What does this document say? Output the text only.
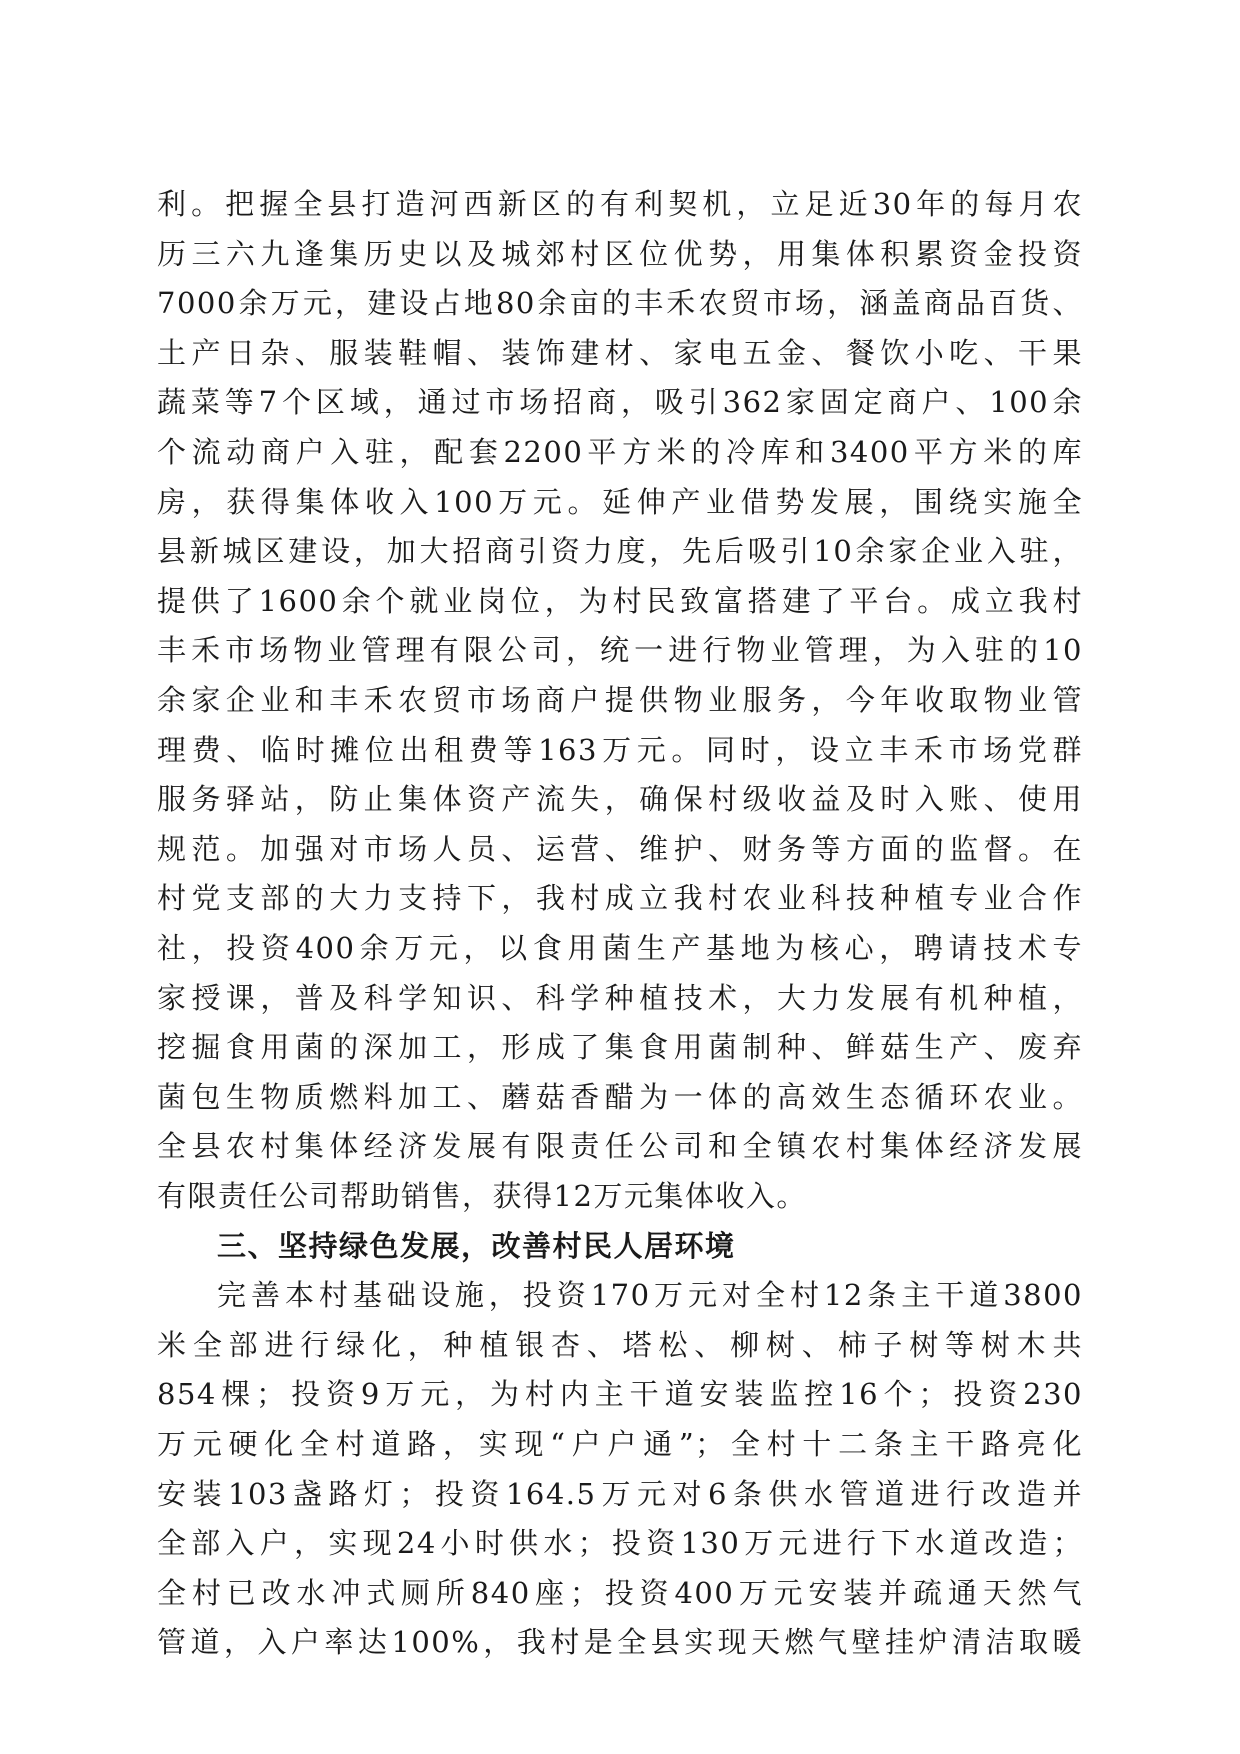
利。把握全县打造河西新区的有利契机，立足近30年的每月农
历三六九逢集历史以及城郊村区位优势，用集体积累资金投资
7000余万元，建设占地80余亩的丰禾农贸市场，涵盖商品百货、
土产日杂、服装鞋帽、装饰建材、家电五金、餐饮小吃、干果
蔬菜等7个区域，通过市场招商，吸引362家固定商户、100余
个流动商户入驻，配套2200平方米的冷库和3400平方米的库
房，获得集体收入100万元。延伸产业借势发展，围绕实施全
县新城区建设，加大招商引资力度，先后吸引10余家企业入驻，
提供了1600余个就业岗位，为村民致富搭建了平台。成立我村
丰禾市场物业管理有限公司，统一进行物业管理，为入驻的10
余家企业和丰禾农贸市场商户提供物业服务，今年收取物业管
理费、临时摊位出租费等163万元。同时，设立丰禾市场党群
服务驿站，防止集体资产流失，确保村级收益及时入账、使用
规范。加强对市场人员、运营、维护、财务等方面的监督。在
村党支部的大力支持下，我村成立我村农业科技种植专业合作
社，投资400余万元，以食用菌生产基地为核心，聘请技术专
家授课，普及科学知识、科学种植技术，大力发展有机种植，
挖掘食用菌的深加工，形成了集食用菌制种、鲜菇生产、废弃
菌包生物质燃料加工、蘑菇香醋为一体的高效生态循环农业。
全县农村集体经济发展有限责任公司和全镇农村集体经济发展
有限责任公司帮助销售，获得12万元集体收入。
三、坚持绿色发展，改善村民人居环境
完善本村基础设施，投资170万元对全村12条主干道3800
米全部进行绿化，种植银杏、塔松、柳树、柿子树等树木共
854棵；投资9万元，为村内主干道安装监控16个；投资230
万元硬化全村道路，实现“户户通”；全村十二条主干路亮化
安装103盏路灯；投资164.5万元对6条供水管道进行改造并
全部入户，实现24小时供水；投资130万元进行下水道改造；
全村已改水冲式厕所840座；投资400万元安装并疏通天然气
管道，入户率达100%，我村是全县实现天燃气壁挂炉清洁取暖
